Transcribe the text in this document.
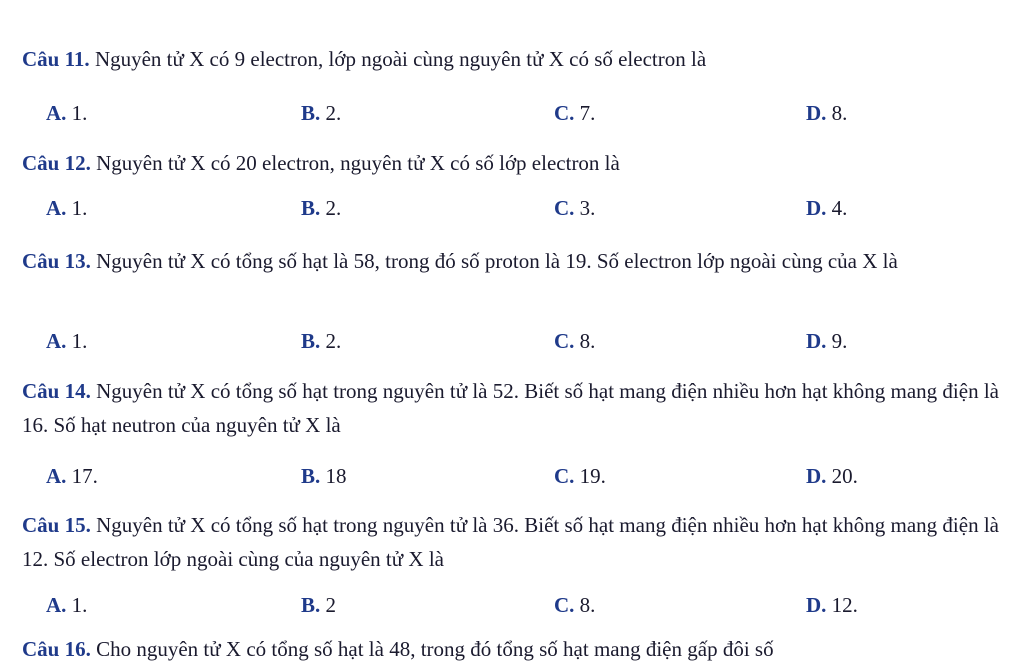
Câu 11. Nguyên tử X có 9 electron, lớp ngoài cùng nguyên tử X có số electron là
A. 1.	B. 2.	C. 7.	D. 8.
Câu 12. Nguyên tử X có 20 electron, nguyên tử X có số lớp electron là
A. 1.	B. 2.	C. 3.	D. 4.
Câu 13. Nguyên tử X có tổng số hạt là 58, trong đó số proton là 19. Số electron lớp ngoài cùng của X là
A. 1.	B. 2.	C. 8.	D. 9.
Câu 14. Nguyên tử X có tổng số hạt trong nguyên tử là 52. Biết số hạt mang điện nhiều hơn hạt không mang điện là 16. Số hạt neutron của nguyên tử X là
A. 17.	B. 18	C. 19.	D. 20.
Câu 15. Nguyên tử X có tổng số hạt trong nguyên tử là 36. Biết số hạt mang điện nhiều hơn hạt không mang điện là 12. Số electron lớp ngoài cùng của nguyên tử X là
A. 1.	B. 2	C. 8.	D. 12.
Câu 16. Cho nguyên tử X có tổng số hạt là 48, trong đó tổng số hạt mang điện gấp đôi số
